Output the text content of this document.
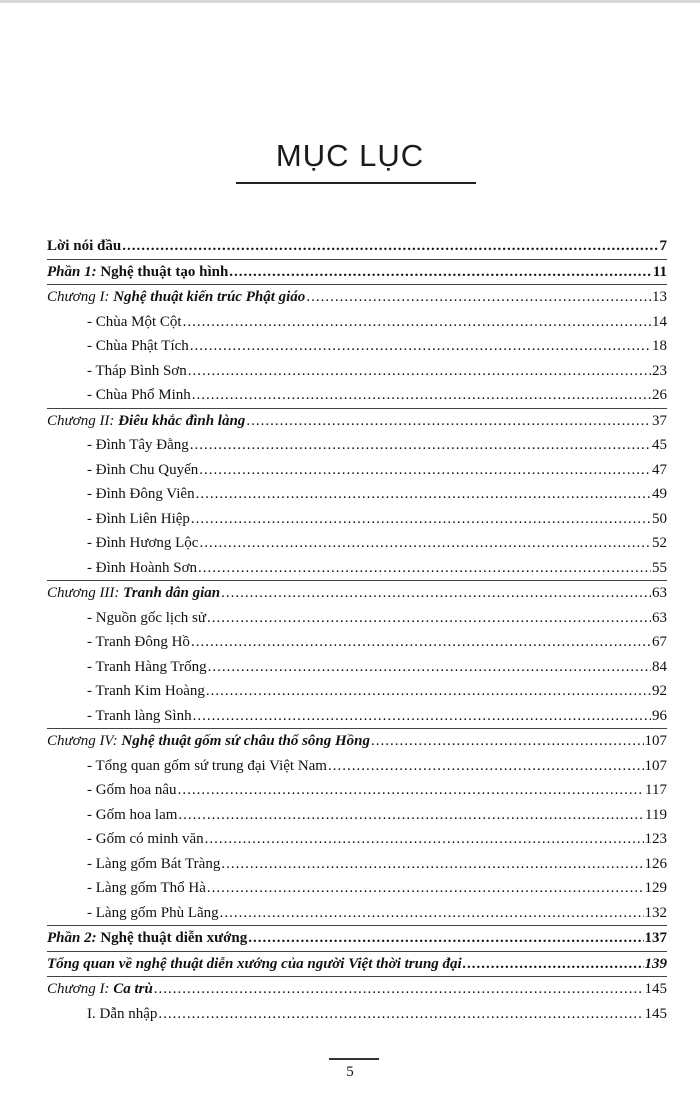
MỤC LỤC
Lời nói đầu .....	7
Phần 1: Nghệ thuật tạo hình .....	11
Chương I: Nghệ thuật kiến trúc Phật giáo .....	13
- Chùa Một Cột .....	14
- Chùa Phật Tích .....	18
- Tháp Bình Sơn .....	23
- Chùa Phổ Minh .....	26
Chương II: Điêu khắc đình làng .....	37
- Đình Tây Đằng .....	45
- Đình Chu Quyến .....	47
- Đình Đông Viên .....	49
- Đình Liên Hiệp .....	50
- Đình Hương Lộc .....	52
- Đình Hoành Sơn .....	55
Chương III: Tranh dân gian .....	63
- Nguồn gốc lịch sử .....	63
- Tranh Đông Hồ .....	67
- Tranh Hàng Trống .....	84
- Tranh Kim Hoàng .....	92
- Tranh làng Sình .....	96
Chương IV: Nghệ thuật gốm sứ châu thổ sông Hồng .....	107
- Tổng quan gốm sứ trung đại Việt Nam .....	107
- Gốm hoa nâu .....	117
- Gốm hoa lam .....	119
- Gốm có minh văn .....	123
- Làng gốm Bát Tràng .....	126
- Làng gốm Thổ Hà .....	129
- Làng gốm Phù Lãng .....	132
Phần 2: Nghệ thuật diễn xướng .....	137
Tổng quan về nghệ thuật diễn xướng của người Việt thời trung đại .....	139
Chương I: Ca trù .....	145
I. Dẫn nhập .....	145
5
